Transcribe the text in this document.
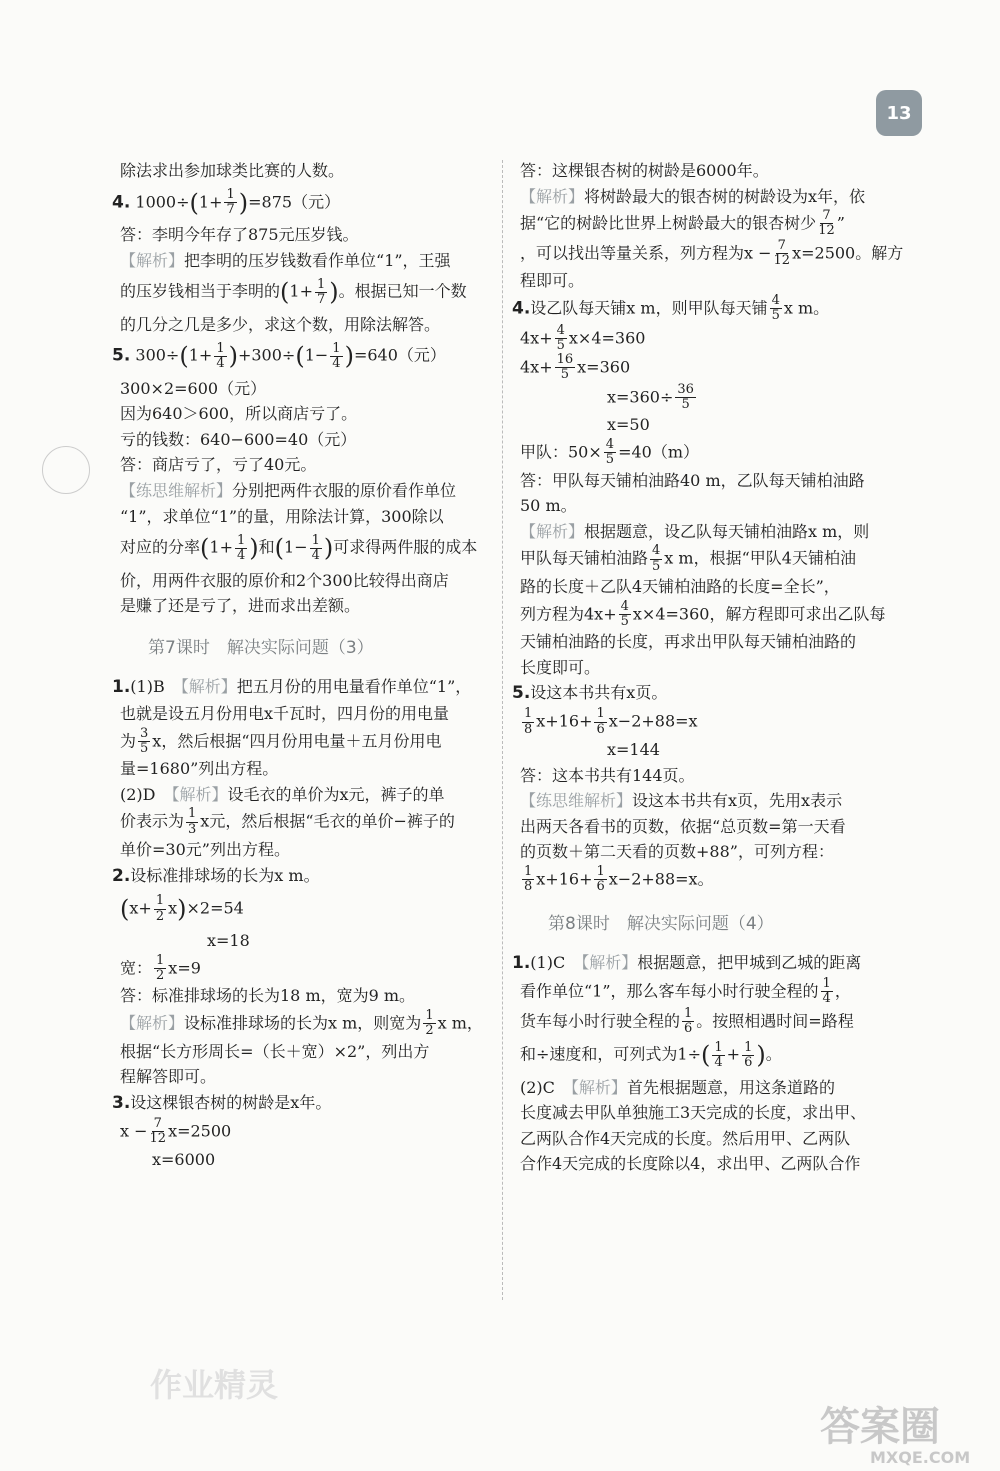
13
除法求出参加球类比赛的人数。
4. $1000\div(1+ \frac{1}{7} )=875$（元）
答：李明今年存了875元压岁钱。
【解析】把李明的压岁钱数看作单位“1”，王强
的压岁钱相当于李明的($1+ \frac{1}{7}$ )。根据已知一个数
的几分之几是多少，求这个数，用除法解答。
5. $300\div(1+ \frac{1}{4} )+300\div(1- \frac{1}{4} )=640$（元）
300×2=600（元）
因为640＞600，所以商店亏了。
亏的钱数：640−600=40（元）
答：商店亏了，亏了40元。
【练思维解析】分别把两件衣服的原价看作单位
“1”，求单位“1”的量，用除法计算，300除以
对应的分率($1+ \frac{1}{4}$ )和($1- \frac{1}{4}$ )可求得两件服的成本
价，用两件衣服的原价和2个300比较得出商店
是赚了还是亏了，进而求出差额。
第7课时　解决实际问题（3）
1.(1)B　 【解析】把五月份的用电量看作单位“1”，
也就是设五月份用电x千瓦时，四月份的用电量
为 $\frac{3}{5}$ x，然后根据“四月份用电量＋五月份用电
量=1680”列出方程。
(2)D　 【解析】设毛衣的单价为x元，裤子的单
价表示为 $\frac{1}{3}$ x元，然后根据“毛衣的单价−裤子的
单价=30元”列出方程。
2.设标准排球场的长为x m。
$(x+ \frac{1}{2} x)\times 2=54$
x=18
宽： $\frac{1}{2} x=9$
答：标准排球场的长为18 m，宽为9 m。
【解析】设标准排球场的长为x m，则宽为 $\frac{1}{2}$ x m，
根据“长方形周长=（长＋宽）×2”，列出方
程解答即可。
3.设这棵银杏树的树龄是x年。
$x - \frac{7}{12} x=2500$
x=6000
答：这棵银杏树的树龄是6000年。
【解析】将树龄最大的银杏树的树龄设为x年，依
据“它的树龄比世界上树龄最大的银杏树少 $\frac{7}{12}$ ”
，可以找出等量关系，列方程为$x - \frac{7}{12} x=2500$。解方
程即可。
4.设乙队每天铺x m，则甲队每天铺 $\frac{4}{5}$ x m。
$4x+ \frac{4}{5} x\times 4=360$
$4x+ \frac{16}{5} x=360$
$x=360\div \frac{36}{5}$
x=50
甲队：$50\times \frac{4}{5} =40(m)$
答：甲队每天铺柏油路40 m，乙队每天铺柏油路
50 m。
【解析】根据题意，设乙队每天铺柏油路x m，则
甲队每天铺柏油路 $\frac{4}{5}$ x m，根据“甲队4天铺柏油
路的长度＋乙队4天铺柏油路的长度=全长”，
列方程为$4x+ \frac{4}{5} x\times 4=360$，解方程即可求出乙队每
天铺柏油路的长度，再求出甲队每天铺柏油路的
长度即可。
5.设这本书共有x页。
$\frac{1}{8} x+16+ \frac{1}{6} x-2+88=x$
x=144
答：这本书共有144页。
【练思维解析】设这本书共有x页，先用x表示
出两天各看书的页数，依据“总页数=第一天看
的页数＋第二天看的页数+88”，可列方程：
$\frac{1}{8} x+16+ \frac{1}{6} x-2+88=x$。
第8课时　解决实际问题（4）
1.(1)C　 【解析】根据题意，把甲城到乙城的距离
看作单位“1”，那么客车每小时行驶全程的 $\frac{1}{4}$ ，
货车每小时行驶全程的 $\frac{1}{6}$ 。按照相遇时间=路程
和÷速度和，可列式为$1\div( \frac{1}{4} + \frac{1}{6}$ )。
(2)C　 【解析】首先根据题意，用这条道路的
长度减去甲队单独施工3天完成的长度，求出甲、
乙两队合作4天完成的长度。然后用甲、乙两队
合作4天完成的长度除以4，求出甲、乙两队合作
作业精灵
答案圈
MXQE.COM
